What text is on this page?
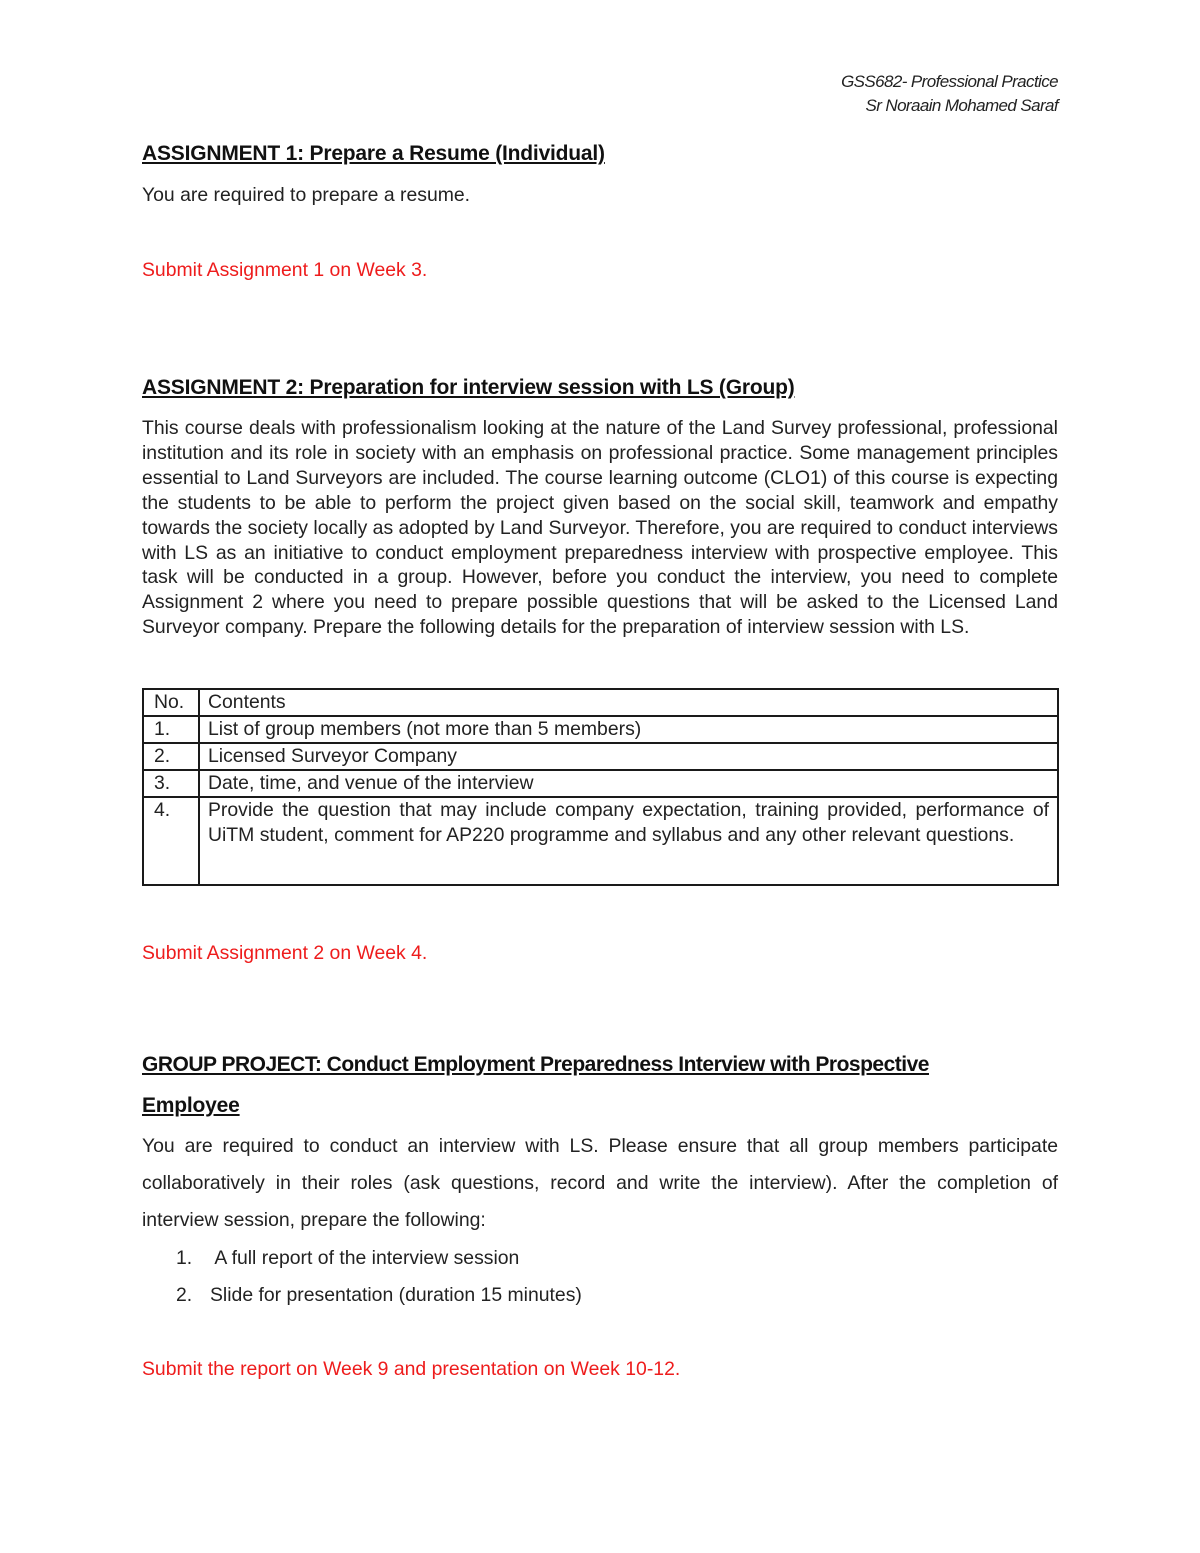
GSS682- Professional Practice
Sr Noraain Mohamed Saraf
ASSIGNMENT 1: Prepare a Resume (Individual)
You are required to prepare a resume.
Submit Assignment 1 on Week 3.
ASSIGNMENT 2: Preparation for interview session with LS (Group)
This course deals with professionalism looking at the nature of the Land Survey professional, professional institution and its role in society with an emphasis on professional practice. Some management principles essential to Land Surveyors are included. The course learning outcome (CLO1) of this course is expecting the students to be able to perform the project given based on the social skill, teamwork and empathy towards the society locally as adopted by Land Surveyor. Therefore, you are required to conduct interviews with LS as an initiative to conduct employment preparedness interview with prospective employee. This task will be conducted in a group. However, before you conduct the interview, you need to complete Assignment 2 where you need to prepare possible questions that will be asked to the Licensed Land Surveyor company. Prepare the following details for the preparation of interview session with LS.
No.	Contents
1.	List of group members (not more than 5 members)
2.	Licensed Surveyor Company
3.	Date, time, and venue of the interview
4.	Provide the question that may include company expectation, training provided, performance of UiTM student, comment for AP220 programme and syllabus and any other relevant questions.
Submit Assignment 2 on Week 4.
GROUP PROJECT: Conduct Employment Preparedness Interview with Prospective
Employee
You are required to conduct an interview with LS. Please ensure that all group members participate collaboratively in their roles (ask questions, record and write the interview). After the completion of interview session, prepare the following:
1. A full report of the interview session
2. Slide for presentation (duration 15 minutes)
Submit the report on Week 9 and presentation on Week 10-12.
